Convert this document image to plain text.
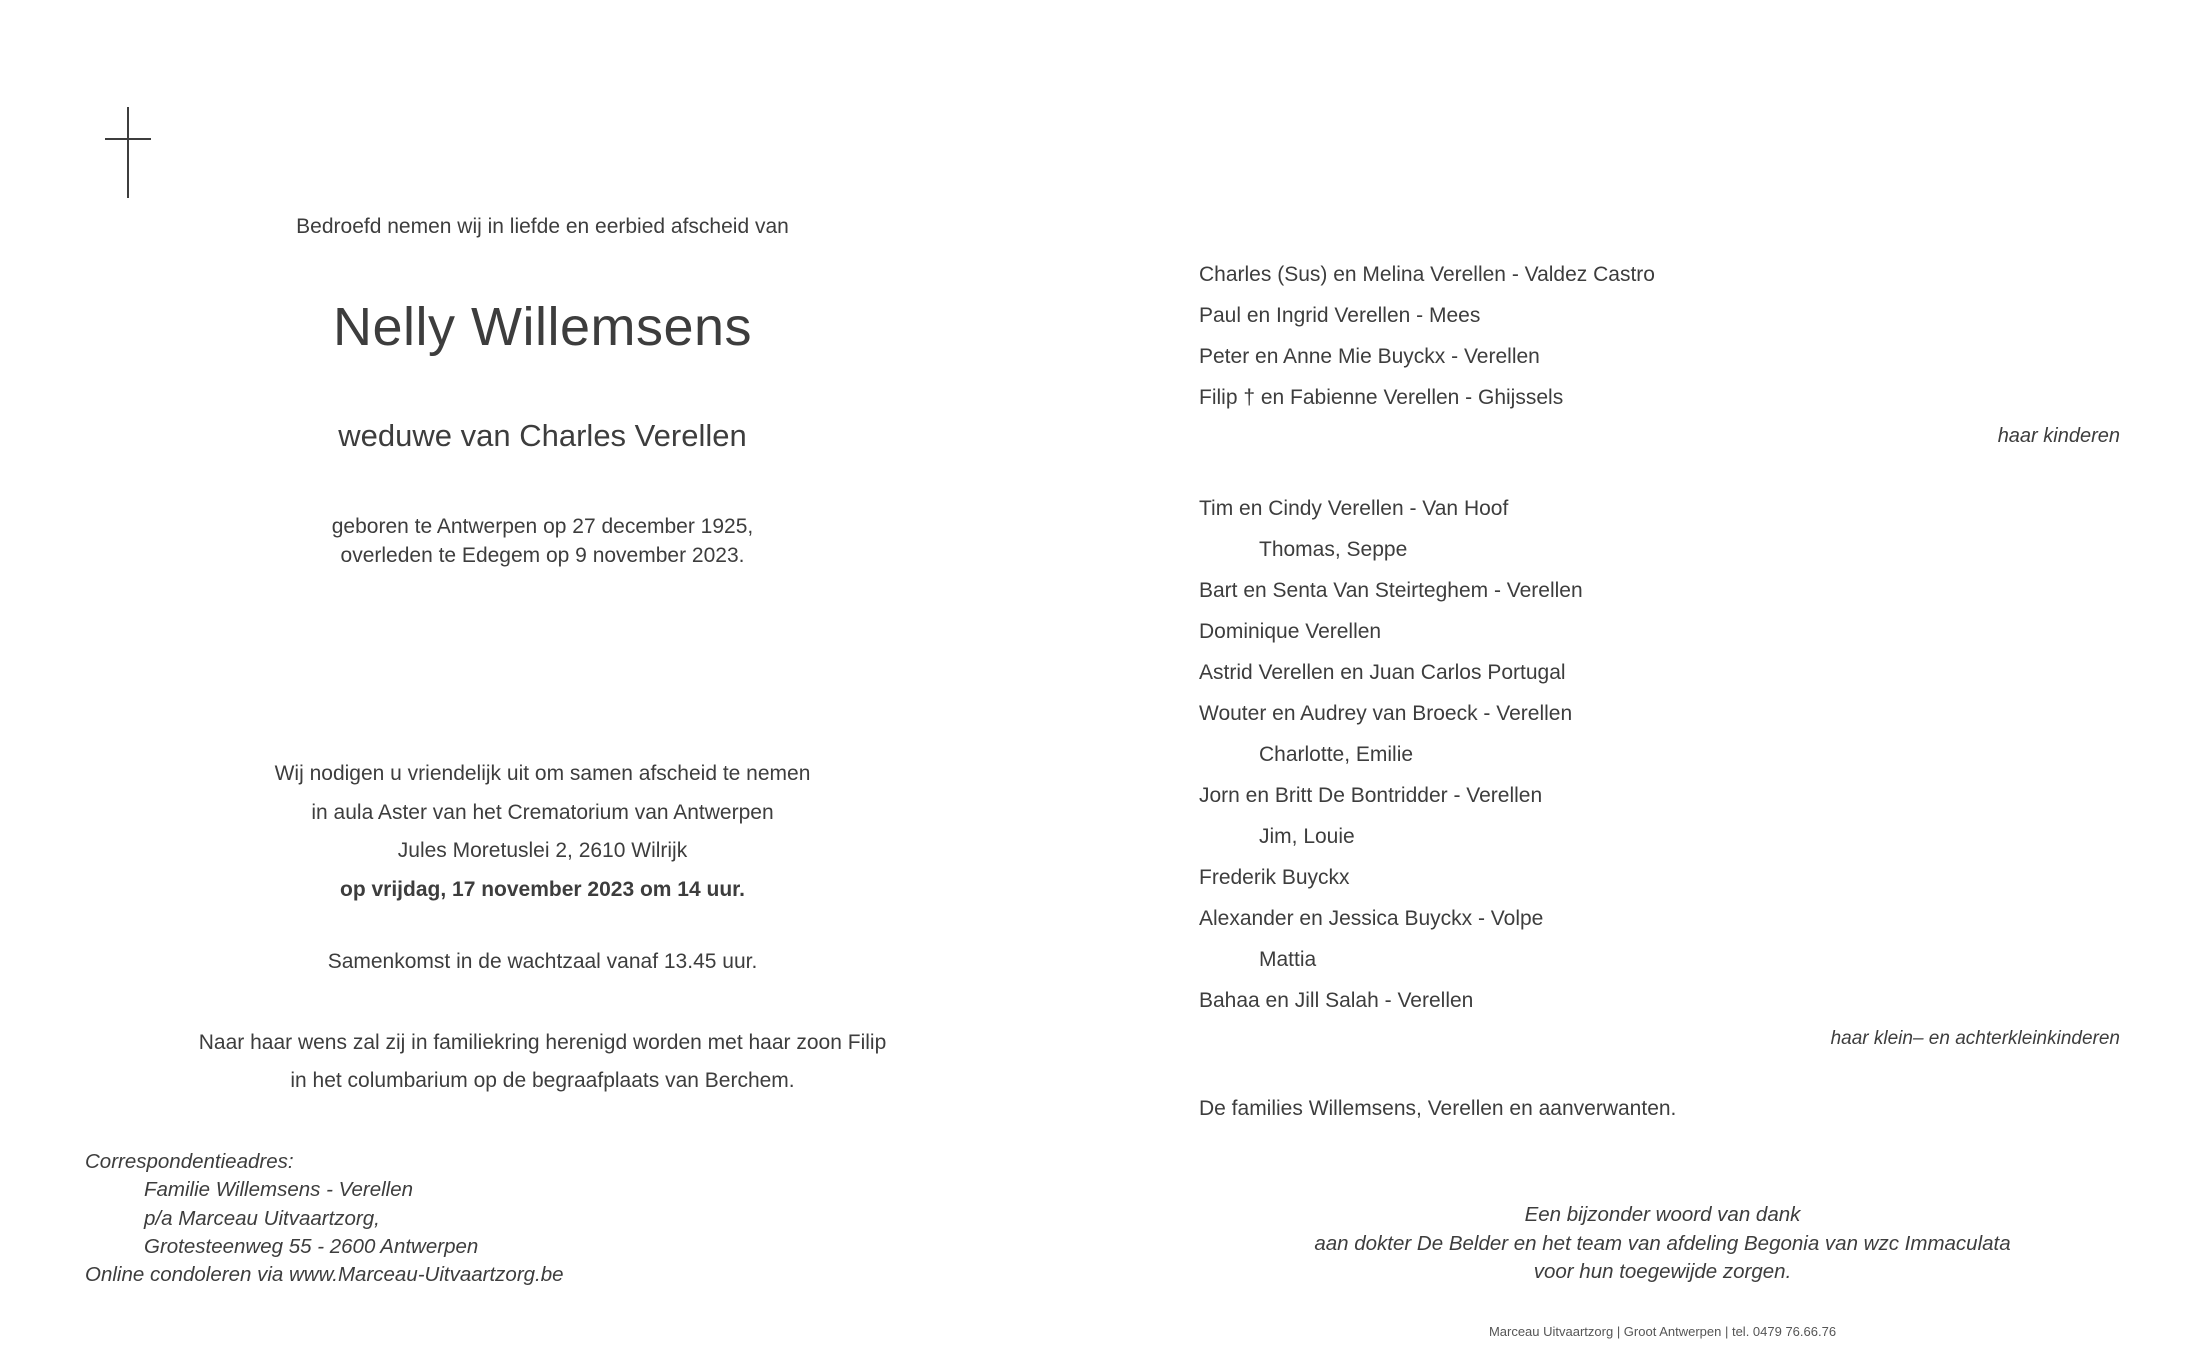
Bedroefd nemen wij in liefde en eerbied afscheid van
Nelly Willemsens
weduwe van Charles Verellen
geboren te Antwerpen op 27 december 1925,
overleden te Edegem op 9 november 2023.
Wij nodigen u vriendelijk uit om samen afscheid te nemen
in aula Aster van het Crematorium van Antwerpen
Jules Moretuslei 2, 2610 Wilrijk
op vrijdag, 17 november 2023 om 14 uur.
Samenkomst in de wachtzaal vanaf 13.45 uur.
Naar haar wens zal zij in familiekring herenigd worden met haar zoon Filip
in het columbarium op de begraafplaats van Berchem.
Correspondentieadres:
Familie Willemsens - Verellen
p/a Marceau Uitvaartzorg,
Grotesteenweg 55 - 2600 Antwerpen
Online condoleren via www.Marceau-Uitvaartzorg.be
Charles (Sus) en Melina Verellen - Valdez Castro
Paul en Ingrid Verellen - Mees
Peter en Anne Mie Buyckx - Verellen
Filip † en Fabienne Verellen - Ghijssels
haar kinderen
Tim en Cindy Verellen - Van Hoof
Thomas, Seppe
Bart en Senta Van Steirteghem - Verellen
Dominique Verellen
Astrid Verellen en Juan Carlos Portugal
Wouter en Audrey van Broeck - Verellen
Charlotte, Emilie
Jorn en Britt De Bontridder - Verellen
Jim, Louie
Frederik Buyckx
Alexander en Jessica Buyckx - Volpe
Mattia
Bahaa en Jill Salah - Verellen
haar klein– en achterkleinkinderen
De families Willemsens, Verellen en aanverwanten.
Een bijzonder woord van dank
aan dokter De Belder en het team van afdeling Begonia van wzc Immaculata
voor hun toegewijde zorgen.
Marceau Uitvaartzorg | Groot Antwerpen | tel. 0479 76.66.76
